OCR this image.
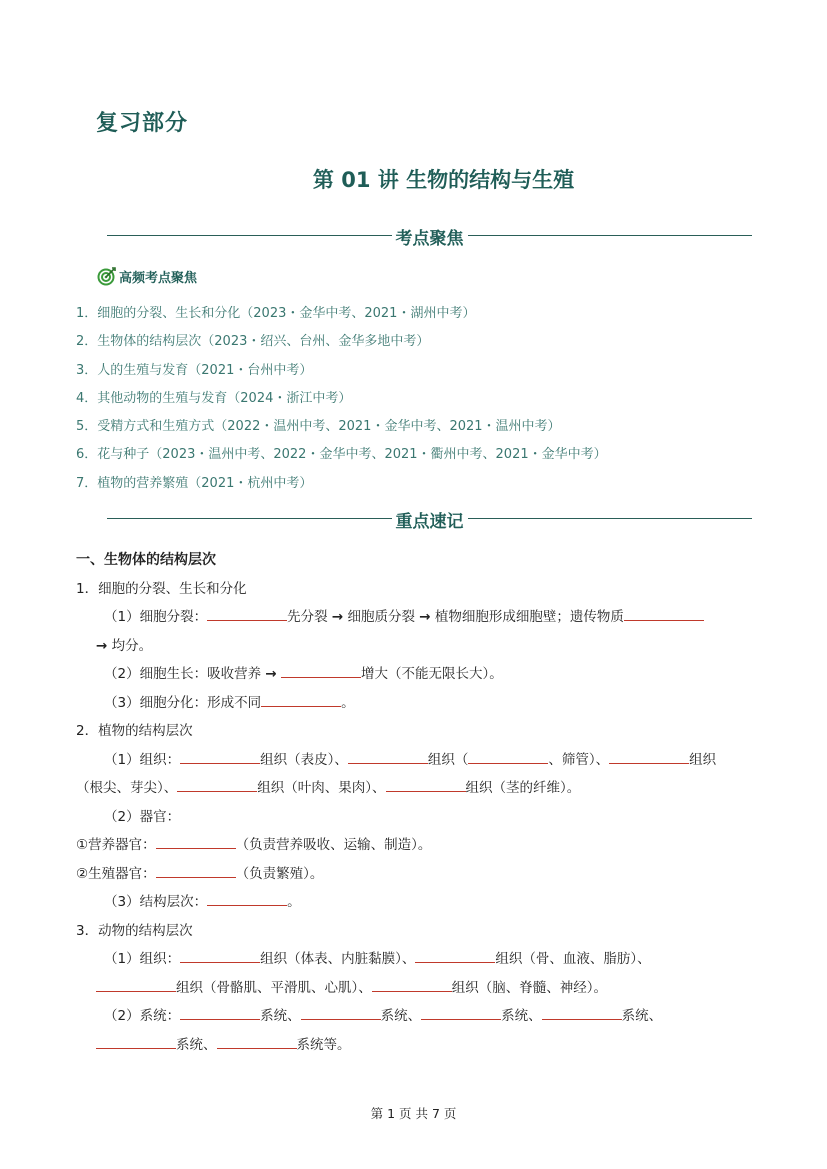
复习部分
第 01 讲 生物的结构与生殖
考点聚焦
高频考点聚焦
1．细胞的分裂、生长和分化（2023・金华中考、2021・湖州中考）
2．生物体的结构层次（2023・绍兴、台州、金华多地中考）
3．人的生殖与发育（2021・台州中考）
4．其他动物的生殖与发育（2024・浙江中考）
5．受精方式和生殖方式（2022・温州中考、2021・金华中考、2021・温州中考）
6．花与种子（2023・温州中考、2022・金华中考、2021・衢州中考、2021・金华中考）
7．植物的营养繁殖（2021・杭州中考）
重点速记

一、生物体的结构层次

1．细胞的分裂、生长和分化

（1）细胞分裂：	先分裂 → 细胞质分裂 → 植物细胞形成细胞壁；遗传物质

→ 均分。

（2）细胞生长：吸收营养 →	增大（不能无限长大）。

（3）细胞分化：形成不同	。

2．植物的结构层次

（1）组织：	组织（表皮）、	组织（	、筛管）、	组织

（根尖、芽尖）、	组织（叶肉、果肉）、	组织（茎的纤维）。

（2）器官：

①营养器官：	（负责营养吸收、运输、制造）。

②生殖器官：	（负责繁殖）。

（3）结构层次：	。

3．动物的结构层次

（1）组织：	组织（体表、内脏黏膜）、	组织（骨、血液、脂肪）、

组织（骨骼肌、平滑肌、心肌）、	组织（脑、脊髓、神经）。

（2）系统：	系统、	系统、	系统、	系统、

系统、	系统等。

第 1 页 共 7 页
